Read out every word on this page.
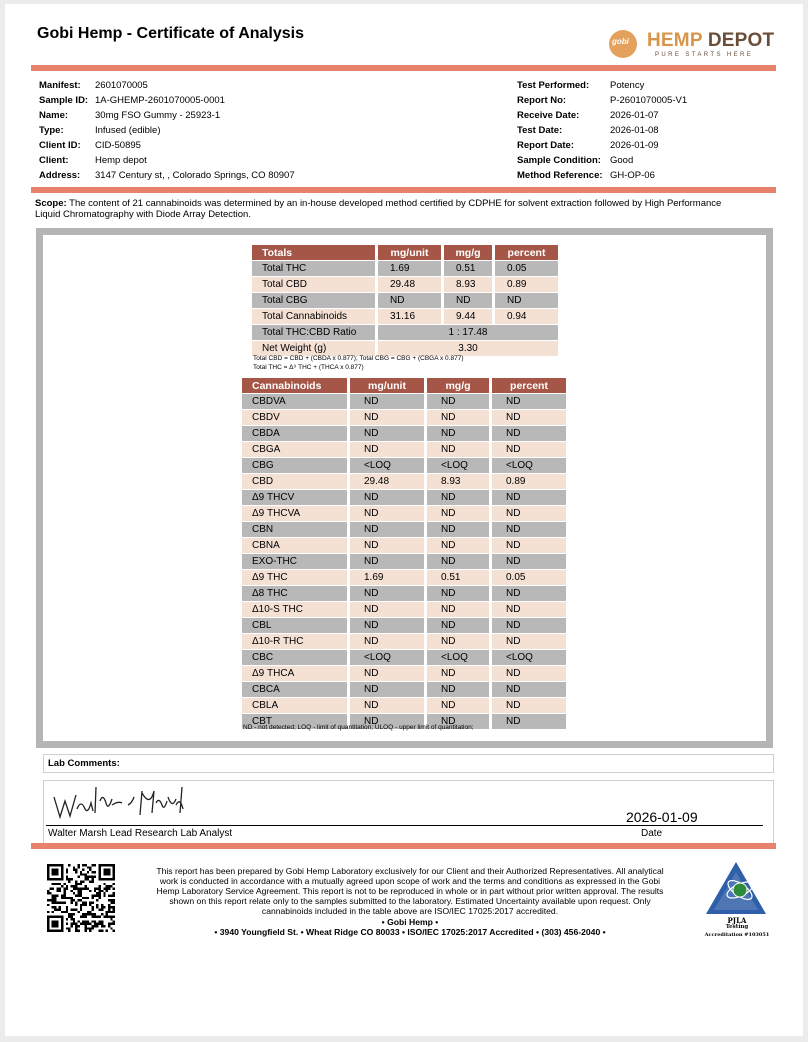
Gobi Hemp - Certificate of Analysis	gobi HEMP DEPOT
PURE STARTS HERE
Manifest: 2601070005
Sample ID: 1A-GHEMP-2601070005-0001
Name:	30mg FSO Gummy - 25923-1
Type:	Infused (edible)
Client ID: CID-50895
Client:	Hemp depot
Address: 3147 Century st, , Colorado Springs, CO 80907
Test Performed: Potency
Report No:	P-2601070005-V1
Receive Date:	2026-01-07
Test Date:	2026-01-08
Report Date:	2026-01-09
Sample Condition: Good
Method Reference: GH-OP-06
Scope: The content of 21 cannabinoids was determined by an in-house developed method certified by CDPHE for solvent extraction followed by High Performance Liquid Chromatography with Diode Array Detection.
Totals	mg/unit	mg/g	percent
Total THC	1.69	0.51	0.05
Total CBD	29.48	8.93	0.89
Total CBG	ND	ND	ND
Total Cannabinoids	31.16	9.44	0.94
Total THC:CBD Ratio	1 : 17.48		
Net Weight (g)	3.30		
Total CBD = CBD + (CBDA x 0.877); Total CBG = CBG + (CBGA x 0.877)
Total THC = Δ⁹ THC + (THCA x 0.877)
Cannabinoids	mg/unit	mg/g	percent
CBDVA	ND	ND	ND
CBDV	ND	ND	ND
CBDA	ND	ND	ND
CBGA	ND	ND	ND
CBG	<LOQ	<LOQ	<LOQ
CBD	29.48	8.93	0.89
Δ9 THCV	ND	ND	ND
Δ9 THCVA	ND	ND	ND
CBN	ND	ND	ND
CBNA	ND	ND	ND
EXO-THC	ND	ND	ND
Δ9 THC	1.69	0.51	0.05
Δ8 THC	ND	ND	ND
Δ10-S THC	ND	ND	ND
CBL	ND	ND	ND
Δ10-R THC	ND	ND	ND
CBC	<LOQ	<LOQ	<LOQ
Δ9 THCA	ND	ND	ND
CBCA	ND	ND	ND
CBLA	ND	ND	ND
CBT	ND	ND	ND
ND - not detected; LOQ - limit of quantitation; ULOQ - upper limit of quantitation;
Lab Comments:
2026-01-09
Walter Marsh Lead Research Lab Analyst	Date
This report has been prepared by Gobi Hemp Laboratory exclusively for our Client and their Authorized Representatives. All analytical work is conducted in accordance with a mutually agreed upon scope of work and the terms and conditions as expressed in the Gobi Hemp Laboratory Service Agreement. This report is not to be reproduced in whole or in part without prior written approval. The results shown on this report relate only to the samples submitted to the laboratory. Estimated Uncertainty available upon request. Only cannabinoids included in the table above are ISO/IEC 17025:2017 accredited.
• Gobi Hemp •
• 3940 Youngfield St. • Wheat Ridge CO 80033 • ISO/IEC 17025:2017 Accredited • (303) 456-2040 •
PJLA
Testing
Accreditation #103051
